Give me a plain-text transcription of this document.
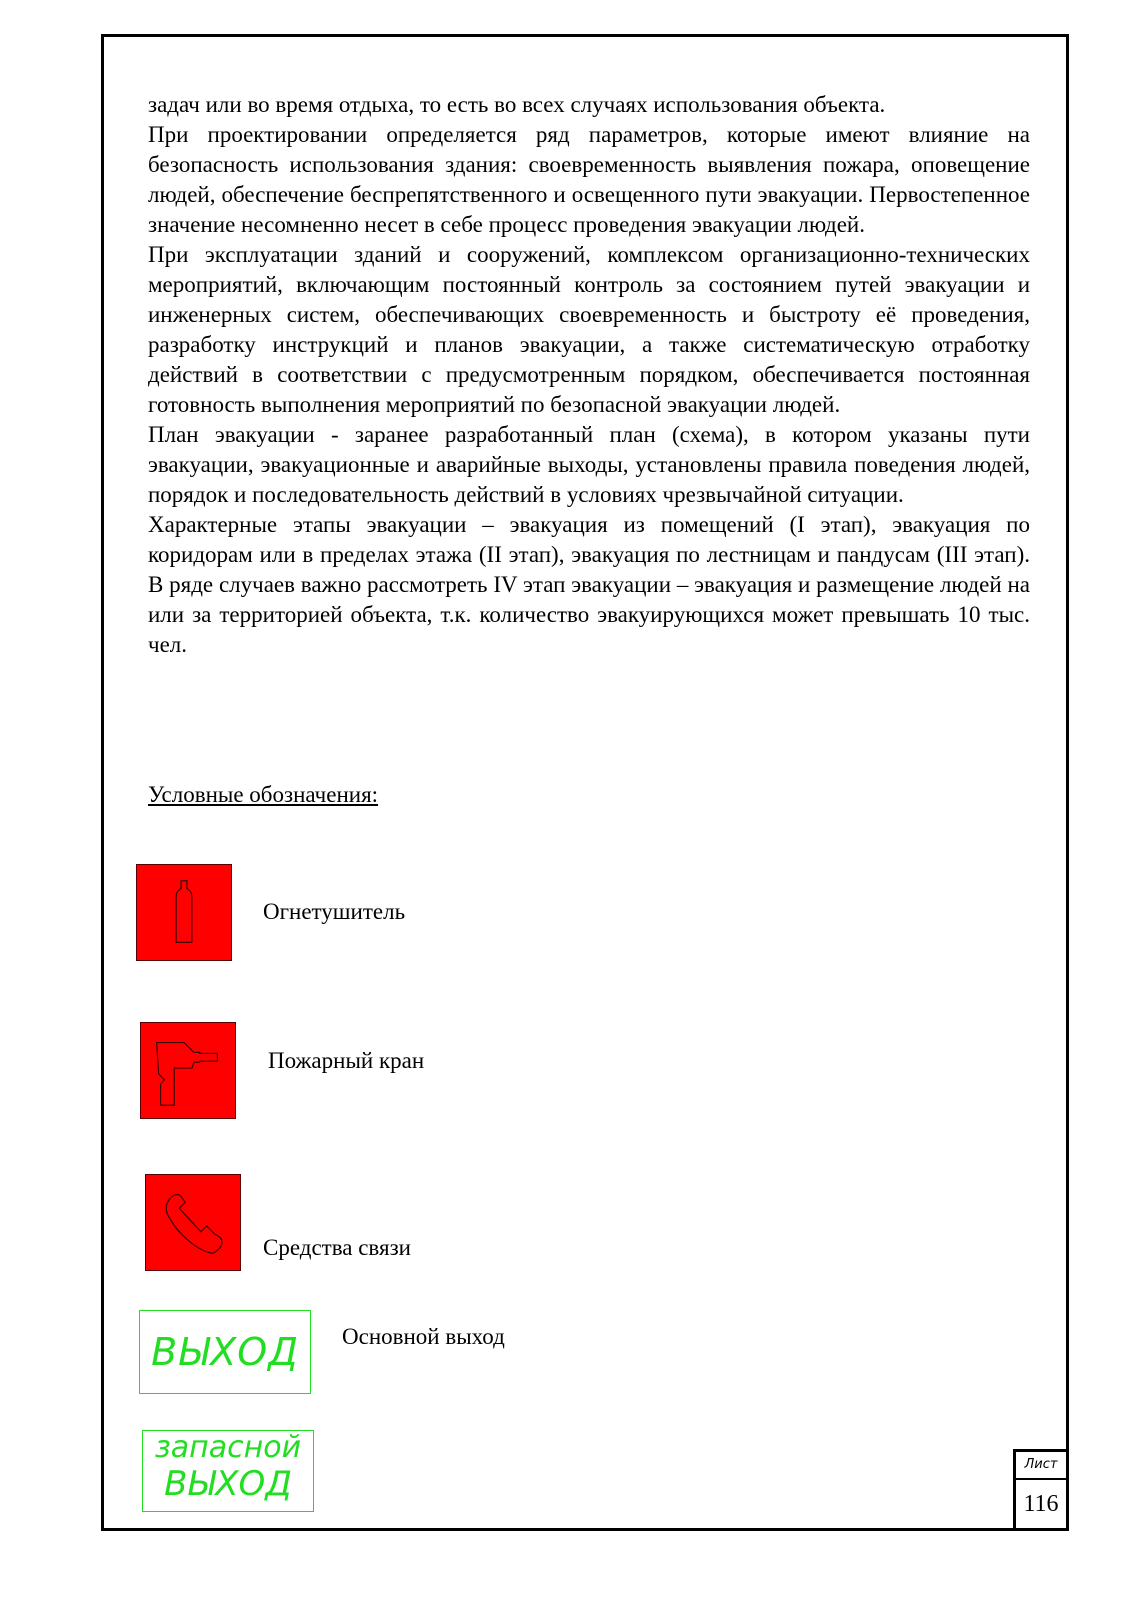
задач или во время отдыха, то есть во всех случаях использования объекта.

При проектировании определяется ряд параметров, которые имеют влияние на безопасность использования здания: своевременность выявления пожара, оповещение людей, обеспечение беспрепятственного и освещенного пути эвакуации. Первостепенное значение несомненно несет в себе процесс проведения эвакуации людей.

При эксплуатации зданий и сооружений, комплексом организационно-технических мероприятий, включающим постоянный контроль за состоянием путей эвакуации и инженерных систем, обеспечивающих своевременность и быстроту её проведения, разработку инструкций и планов эвакуации, а также систематическую отработку действий в соответствии с предусмотренным порядком, обеспечивается постоянная готовность выполнения мероприятий по безопасной эвакуации людей.

План эвакуации - заранее разработанный план (схема), в котором указаны пути эвакуации, эвакуационные и аварийные выходы, установлены правила поведения людей, порядок и последовательность действий в условиях чрезвычайной ситуации.

Характерные этапы эвакуации – эвакуация из помещений (I этап), эвакуация по коридорам или в пределах этажа (II этап), эвакуация по лестницам и пандусам (III этап). В ряде случаев важно рассмотреть IV этап эвакуации – эвакуация и размещение людей на или за территорией объекта, т.к. количество эвакуирующихся может превышать 10 тыс. чел.

Условные обозначения:
Огнетушитель
Пожарный кран
Средства связи
ВЫХОД	Основной выход
запасной
ВЫХОД	Лист
116
